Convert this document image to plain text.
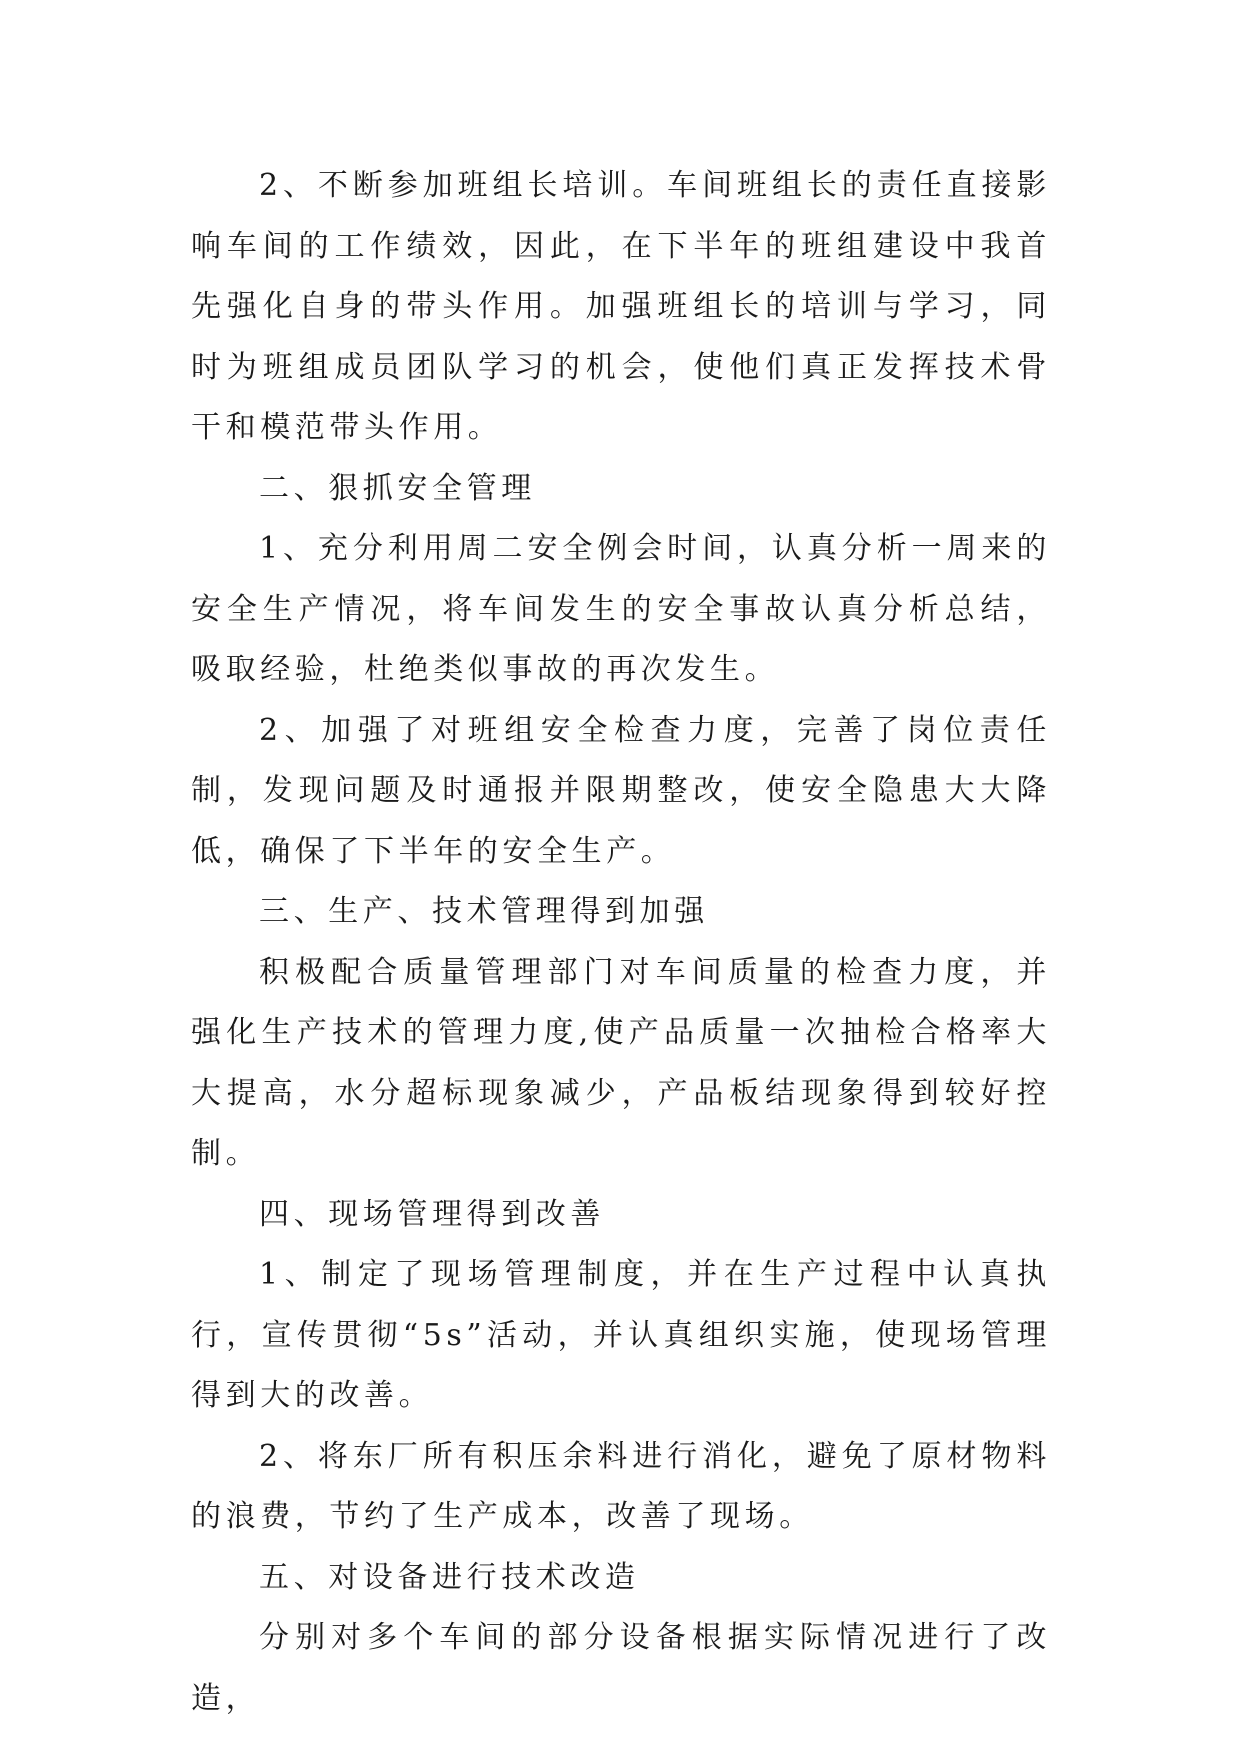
2、不断参加班组长培训。车间班组长的责任直接影响车间的工作绩效，因此，在下半年的班组建设中我首先强化自身的带头作用。加强班组长的培训与学习，同时为班组成员团队学习的机会，使他们真正发挥技术骨干和模范带头作用。

二、狠抓安全管理

1、充分利用周二安全例会时间，认真分析一周来的安全生产情况，将车间发生的安全事故认真分析总结，吸取经验，杜绝类似事故的再次发生。

2、加强了对班组安全检查力度，完善了岗位责任制，发现问题及时通报并限期整改，使安全隐患大大降低，确保了下半年的安全生产。

三、生产、技术管理得到加强

积极配合质量管理部门对车间质量的检查力度，并强化生产技术的管理力度,使产品质量一次抽检合格率大大提高，水分超标现象减少，产品板结现象得到较好控制。

四、现场管理得到改善

1、制定了现场管理制度，并在生产过程中认真执行，宣传贯彻“5s”活动，并认真组织实施，使现场管理得到大的改善。

2、将东厂所有积压余料进行消化，避免了原材物料的浪费，节约了生产成本，改善了现场。

五、对设备进行技术改造

分别对多个车间的部分设备根据实际情况进行了改造，
